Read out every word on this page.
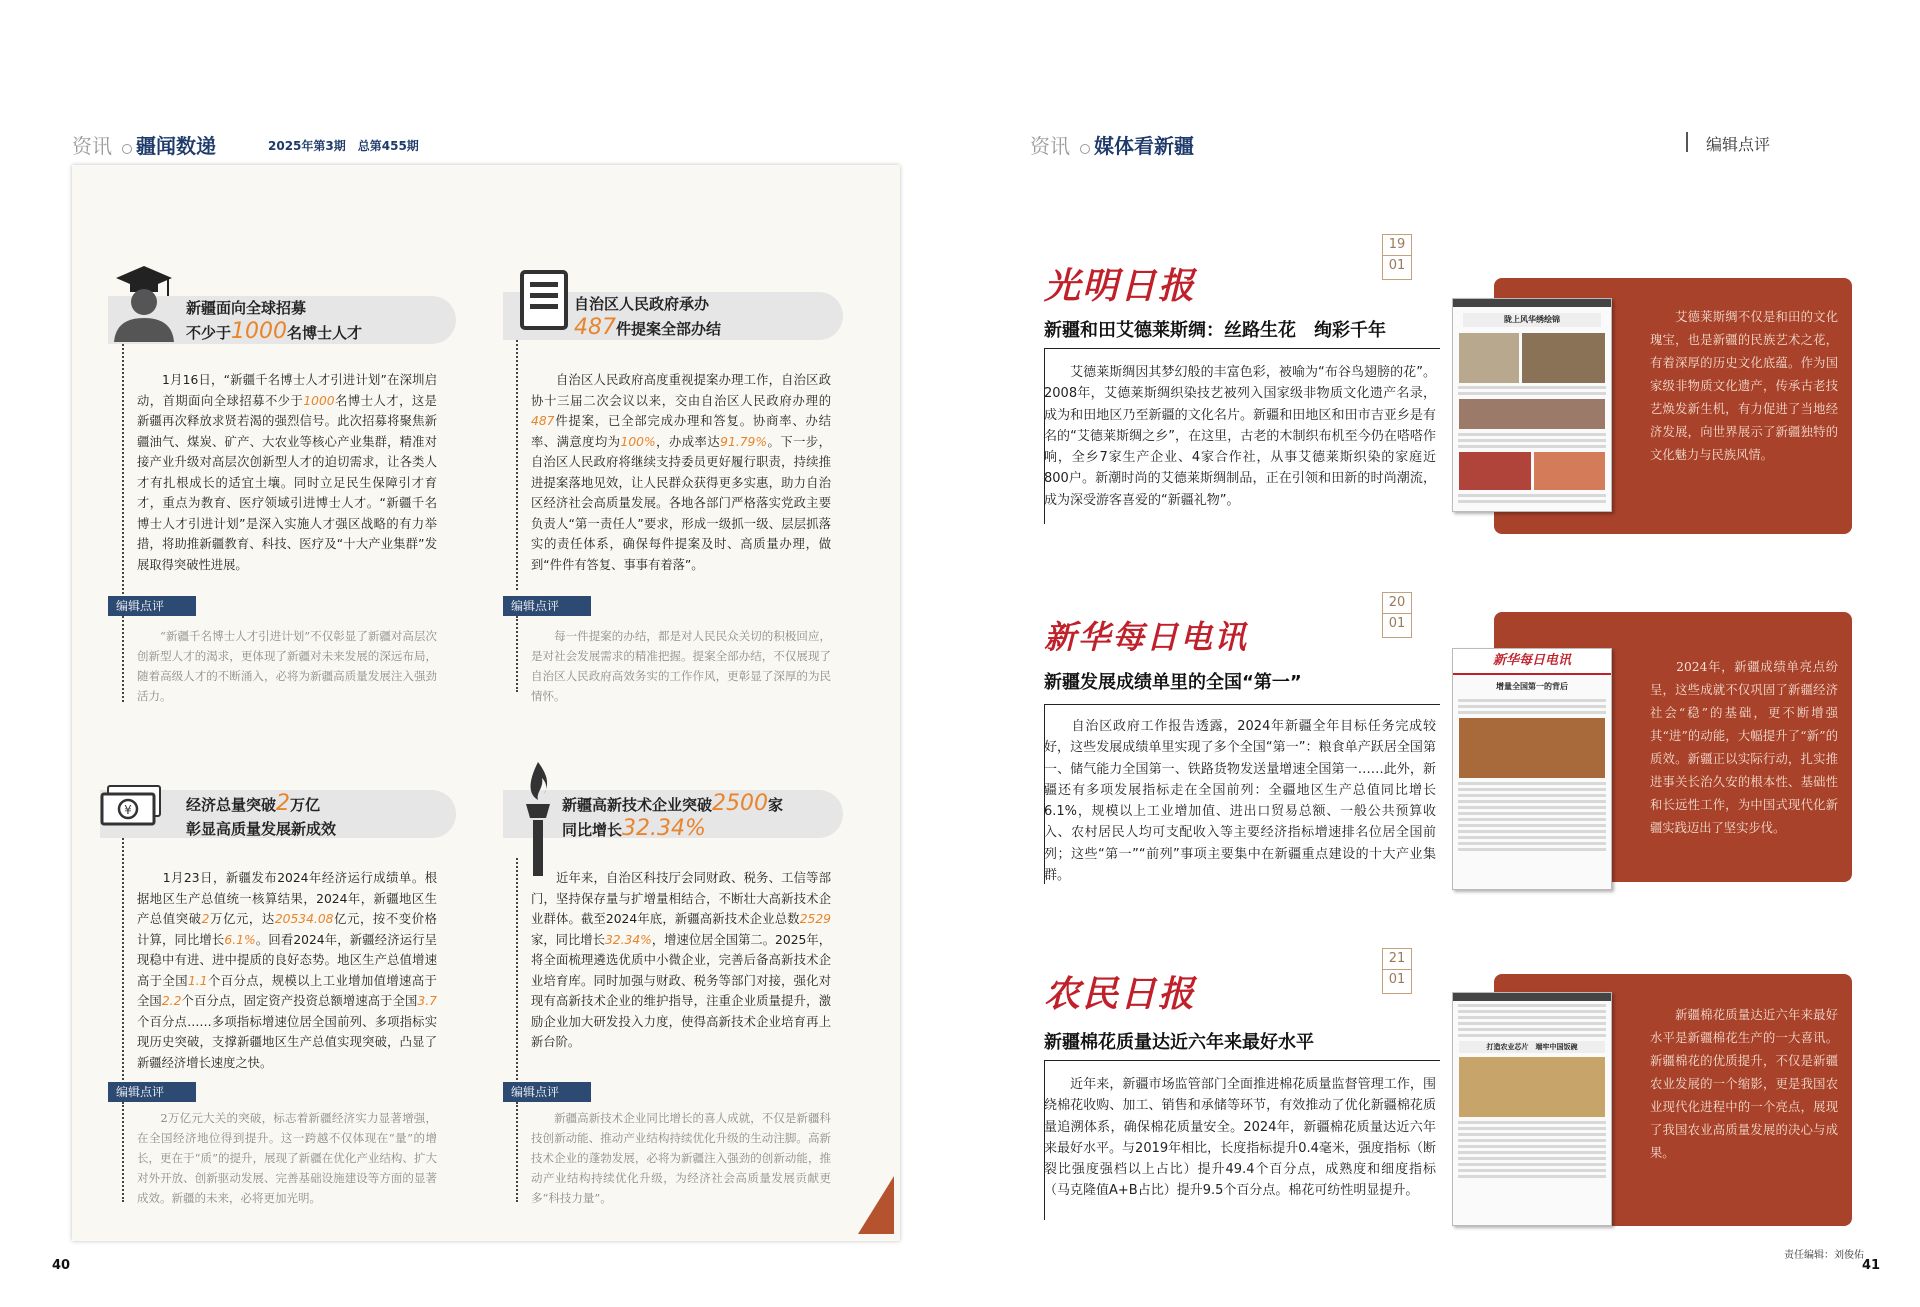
资讯 疆闻数递	2025年第3期　总第455期
新疆面向全球招募
不少于1000名博士人才
　　1月16日，“新疆千名博士人才引进计划”在深圳启动，首期面向全球招募不少于1000名博士人才，这是新疆再次释放求贤若渴的强烈信号。此次招募将聚焦新疆油气、煤炭、矿产、大农业等核心产业集群，精准对接产业升级对高层次创新型人才的迫切需求，让各类人才有扎根成长的适宜土壤。同时立足民生保障引才育才，重点为教育、医疗领域引进博士人才。“新疆千名博士人才引进计划”是深入实施人才强区战略的有力举措，将助推新疆教育、科技、医疗及“十大产业集群”发展取得突破性进展。
编辑点评
　　“新疆千名博士人才引进计划”不仅彰显了新疆对高层次创新型人才的渴求，更体现了新疆对未来发展的深远布局，随着高级人才的不断涌入，必将为新疆高质量发展注入强劲活力。
自治区人民政府承办
487件提案全部办结
　　自治区人民政府高度重视提案办理工作，自治区政协十三届二次会议以来，交由自治区人民政府办理的487件提案，已全部完成办理和答复。协商率、办结率、满意度均为100%，办成率达91.79%。下一步，自治区人民政府将继续支持委员更好履行职责，持续推进提案落地见效，让人民群众获得更多实惠，助力自治区经济社会高质量发展。各地各部门严格落实党政主要负责人“第一责任人”要求，形成一级抓一级、层层抓落实的责任体系，确保每件提案及时、高质量办理，做到“件件有答复、事事有着落”。
编辑点评
　　每一件提案的办结，都是对人民民众关切的积极回应，是对社会发展需求的精准把握。提案全部办结，不仅展现了自治区人民政府高效务实的工作作风，更彰显了深厚的为民情怀。
¥	经济总量突破2万亿
彰显高质量发展新成效
　　1月23日，新疆发布2024年经济运行成绩单。根据地区生产总值统一核算结果，2024年，新疆地区生产总值突破2万亿元，达20534.08亿元，按不变价格计算，同比增长6.1%。回看2024年，新疆经济运行呈现稳中有进、进中提质的良好态势。地区生产总值增速高于全国1.1个百分点，规模以上工业增加值增速高于全国2.2个百分点，固定资产投资总额增速高于全国3.7个百分点……多项指标增速位居全国前列、多项指标实现历史突破，支撑新疆地区生产总值实现突破，凸显了新疆经济增长速度之快。
编辑点评
　　2万亿元大关的突破，标志着新疆经济实力显著增强，在全国经济地位得到提升。这一跨越不仅体现在“量”的增长，更在于“质”的提升，展现了新疆在优化产业结构、扩大对外开放、创新驱动发展、完善基础设施建设等方面的显著成效。新疆的未来，必将更加光明。
新疆高新技术企业突破2500家
同比增长32.34%
　　近年来，自治区科技厅会同财政、税务、工信等部门，坚持保存量与扩增量相结合，不断壮大高新技术企业群体。截至2024年底，新疆高新技术企业总数2529家，同比增长32.34%，增速位居全国第二。2025年，将全面梳理遴选优质中小微企业，完善后备高新技术企业培育库。同时加强与财政、税务等部门对接，强化对现有高新技术企业的维护指导，注重企业质量提升，激励企业加大研发投入力度，使得高新技术企业培育再上新台阶。
编辑点评
　　新疆高新技术企业同比增长的喜人成就，不仅是新疆科技创新动能、推动产业结构持续优化升级的生动注脚。高新技术企业的蓬勃发展，必将为新疆注入强劲的创新动能，推动产业结构持续优化升级，为经济社会高质量发展贡献更多“科技力量”。
40
资讯 媒体看新疆	编辑点评
19
01
光明日报
新疆和田艾德莱斯绸：丝路生花　绚彩千年
　　艾德莱斯绸因其梦幻般的丰富色彩，被喻为“布谷鸟翅膀的花”。2008年，艾德莱斯绸织染技艺被列入国家级非物质文化遗产名录，成为和田地区乃至新疆的文化名片。新疆和田地区和田市吉亚乡是有名的“艾德莱斯绸之乡”，在这里，古老的木制织布机至今仍在嗒嗒作响，全乡7家生产企业、4家合作社，从事艾德莱斯织染的家庭近800户。新潮时尚的艾德莱斯绸制品，正在引领和田新的时尚潮流，成为深受游客喜爱的“新疆礼物”。
　　艾德莱斯绸不仅是和田的文化瑰宝，也是新疆的民族艺术之花，有着深厚的历史文化底蕴。作为国家级非物质文化遗产，传承古老技艺焕发新生机，有力促进了当地经济发展，向世界展示了新疆独特的文化魅力与民族风情。
陇上风华绣绘锦
20
01
新华每日电讯
新疆发展成绩单里的全国“第一”
　　自治区政府工作报告透露，2024年新疆全年目标任务完成较好，这些发展成绩单里实现了多个全国“第一”：粮食单产跃居全国第一、储气能力全国第一、铁路货物发送量增速全国第一……此外，新疆还有多项发展指标走在全国前列：全疆地区生产总值同比增长6.1%，规模以上工业增加值、进出口贸易总额、一般公共预算收入、农村居民人均可支配收入等主要经济指标增速排名位居全国前列；这些“第一”“前列”事项主要集中在新疆重点建设的十大产业集群。
　　2024年，新疆成绩单亮点纷呈，这些成就不仅巩固了新疆经济社会“稳”的基础，更不断增强其“进”的动能，大幅提升了“新”的质效。新疆正以实际行动，扎实推进事关长治久安的根本性、基础性和长远性工作，为中国式现代化新疆实践迈出了坚实步伐。
新华每日电讯
增量全国第一的背后
21
01
农民日报
新疆棉花质量达近六年来最好水平
　　近年来，新疆市场监管部门全面推进棉花质量监督管理工作，围绕棉花收购、加工、销售和承储等环节，有效推动了优化新疆棉花质量追溯体系，确保棉花质量安全。2024年，新疆棉花质量达近六年来最好水平。与2019年相比，长度指标提升0.4毫米，强度指标（断裂比强度强档以上占比）提升49.4个百分点，成熟度和细度指标（马克隆值A+B占比）提升9.5个百分点。棉花可纺性明显提升。
　　新疆棉花质量达近六年来最好水平是新疆棉花生产的一大喜讯。新疆棉花的优质提升，不仅是新疆农业发展的一个缩影，更是我国农业现代化进程中的一个亮点，展现了我国农业高质量发展的决心与成果。
打造农业芯片　端牢中国饭碗
责任编辑：刘俊佑
41
